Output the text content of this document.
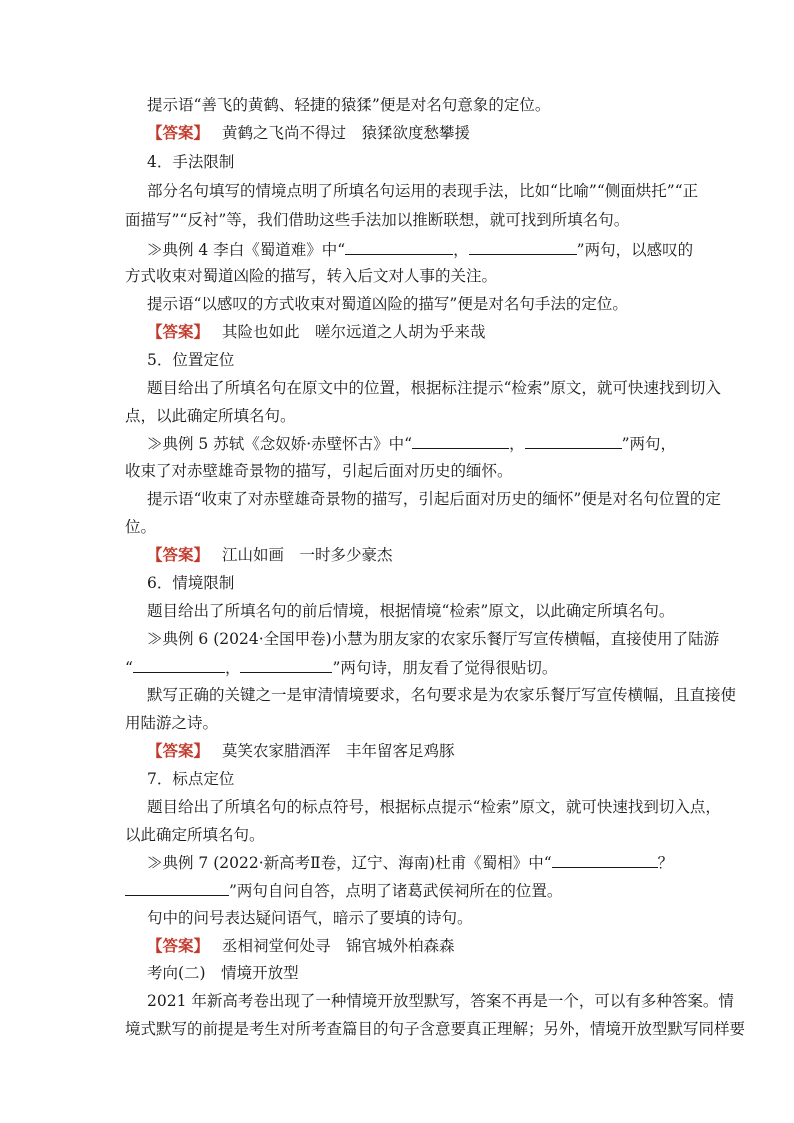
提示语“善飞的黄鹤、轻捷的猿猱”便是对名句意象的定位。
【答案】 黄鹤之飞尚不得过　猿猱欲度愁攀援
4．手法限制
部分名句填写的情境点明了所填名句运用的表现手法，比如“比喻”“侧面烘托”“正
面描写”“反衬”等，我们借助这些手法加以推断联想，就可找到所填名句。
≫典例 4 李白《蜀道难》中“	，	”两句，以感叹的
方式收束对蜀道凶险的描写，转入后文对人事的关注。
提示语“以感叹的方式收束对蜀道凶险的描写”便是对名句手法的定位。
【答案】 其险也如此　嗟尔远道之人胡为乎来哉
5．位置定位
题目给出了所填名句在原文中的位置，根据标注提示“检索”原文，就可快速找到切入
点，以此确定所填名句。
≫典例 5 苏轼《念奴娇·赤壁怀古》中“	，	”两句，
收束了对赤壁雄奇景物的描写，引起后面对历史的缅怀。
提示语“收束了对赤壁雄奇景物的描写，引起后面对历史的缅怀”便是对名句位置的定
位。
【答案】 江山如画　一时多少豪杰
6．情境限制
题目给出了所填名句的前后情境，根据情境“检索”原文，以此确定所填名句。
≫典例 6 (2024·全国甲卷)小慧为朋友家的农家乐餐厅写宣传横幅，直接使用了陆游
“	，	”两句诗，朋友看了觉得很贴切。
默写正确的关键之一是审清情境要求，名句要求是为农家乐餐厅写宣传横幅，且直接使
用陆游之诗。
【答案】 莫笑农家腊酒浑　丰年留客足鸡豚
7．标点定位
题目给出了所填名句的标点符号，根据标点提示“检索”原文，就可快速找到切入点，
以此确定所填名句。
≫典例 7 (2022·新高考Ⅱ卷，辽宁、海南)杜甫《蜀相》中“	？
”两句自问自答，点明了诸葛武侯祠所在的位置。
句中的问号表达疑问语气，暗示了要填的诗句。
【答案】 丞相祠堂何处寻　锦官城外柏森森
考向(二)　情境开放型
2021 年新高考卷出现了一种情境开放型默写，答案不再是一个，可以有多种答案。情
境式默写的前提是考生对所考查篇目的句子含意要真正理解；另外，情境开放型默写同样要
